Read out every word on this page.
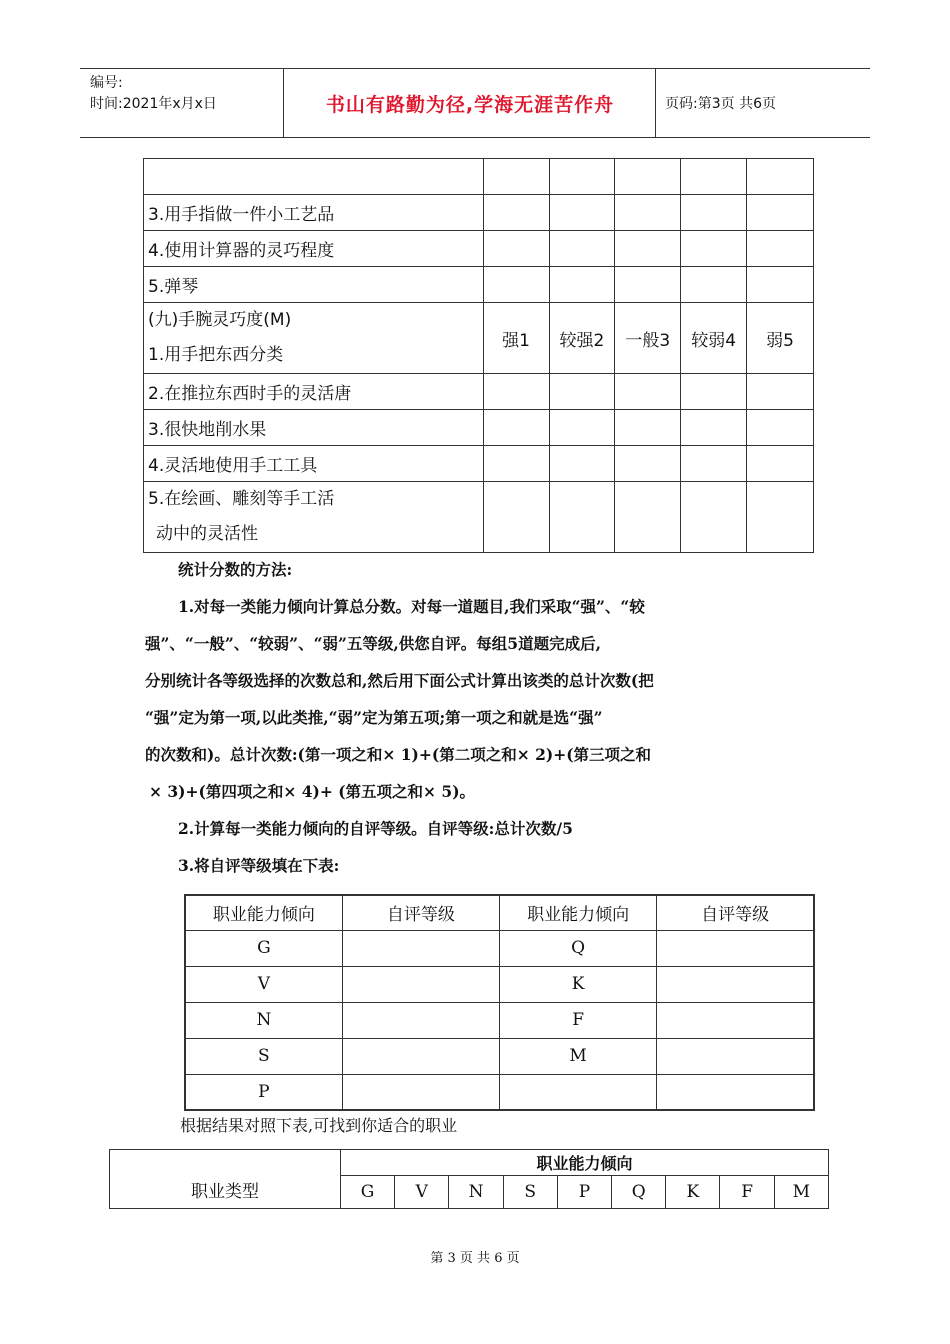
编号:
时间:2021年x月x日	书山有路勤为径,学海无涯苦作舟	页码:第3页 共6页

3.用手指做一件小工艺品					
4.使用计算器的灵巧程度					
5.弹琴					

(九)手腕灵巧度(M)
1.用手把东西分类	强1	较强2	一般3	较弱4	弱5
2.在推拉东西时手的灵活唐					
3.很快地削水果					
4.灵活地使用手工工具					

5.在绘画、雕刻等手工活
动中的灵活性					

统计分数的方法:

1.对每一类能力倾向计算总分数。对每一道题目,我们采取“强”、“较

强”、“一般”、“较弱”、“弱”五等级,供您自评。每组5道题完成后,

分别统计各等级选择的次数总和,然后用下面公式计算出该类的总计次数(把

“强”定为第一项,以此类推,“弱”定为第五项;第一项之和就是选“强”

的次数和)。总计次数:(第一项之和× 1)+(第二项之和× 2)+(第三项之和

× 3)+(第四项之和× 4)+ (第五项之和× 5)。

2.计算每一类能力倾向的自评等级。自评等级:总计次数/5

3.将自评等级填在下表:

职业能力倾向	自评等级	职业能力倾向	自评等级
G		Q	
V		K	
N		F	
S		M	
P			
根据结果对照下表,可找到你适合的职业
职业类型	职业能力倾向								
	G	V	N	S	P	Q	K	F	M
第 3 页 共 6 页
